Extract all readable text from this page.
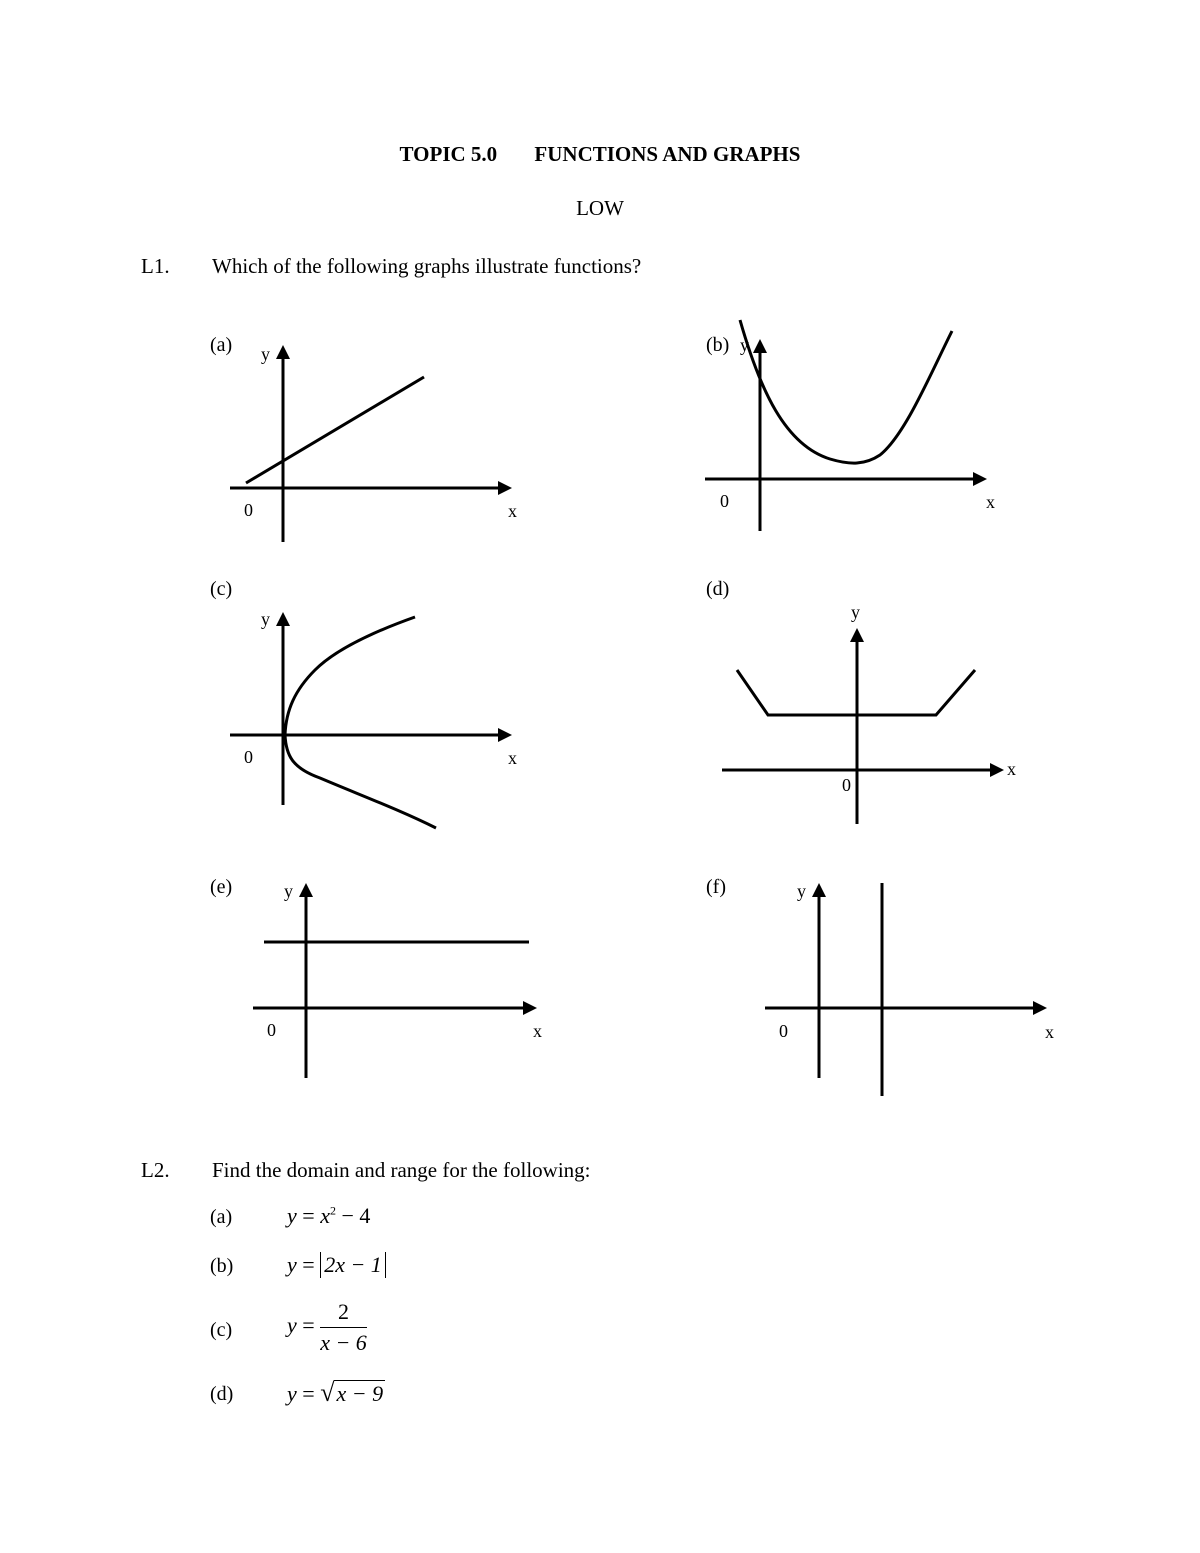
TOPIC 5.0 FUNCTIONS AND GRAPHS
LOW
L1. Which of the following graphs illustrate functions?
(a) y
0	x
(b) y
0	x
(c)
y
0	x
(d)
y
0
x
(e)	y
0	x
(f)	y
0	x
L2. Find the domain and range for the following:
(a) $y = x^2 - 4$
(b) y = 2x − 1
(c) $y = \frac{2}{x - 6}$
(d) y = √x − 9
